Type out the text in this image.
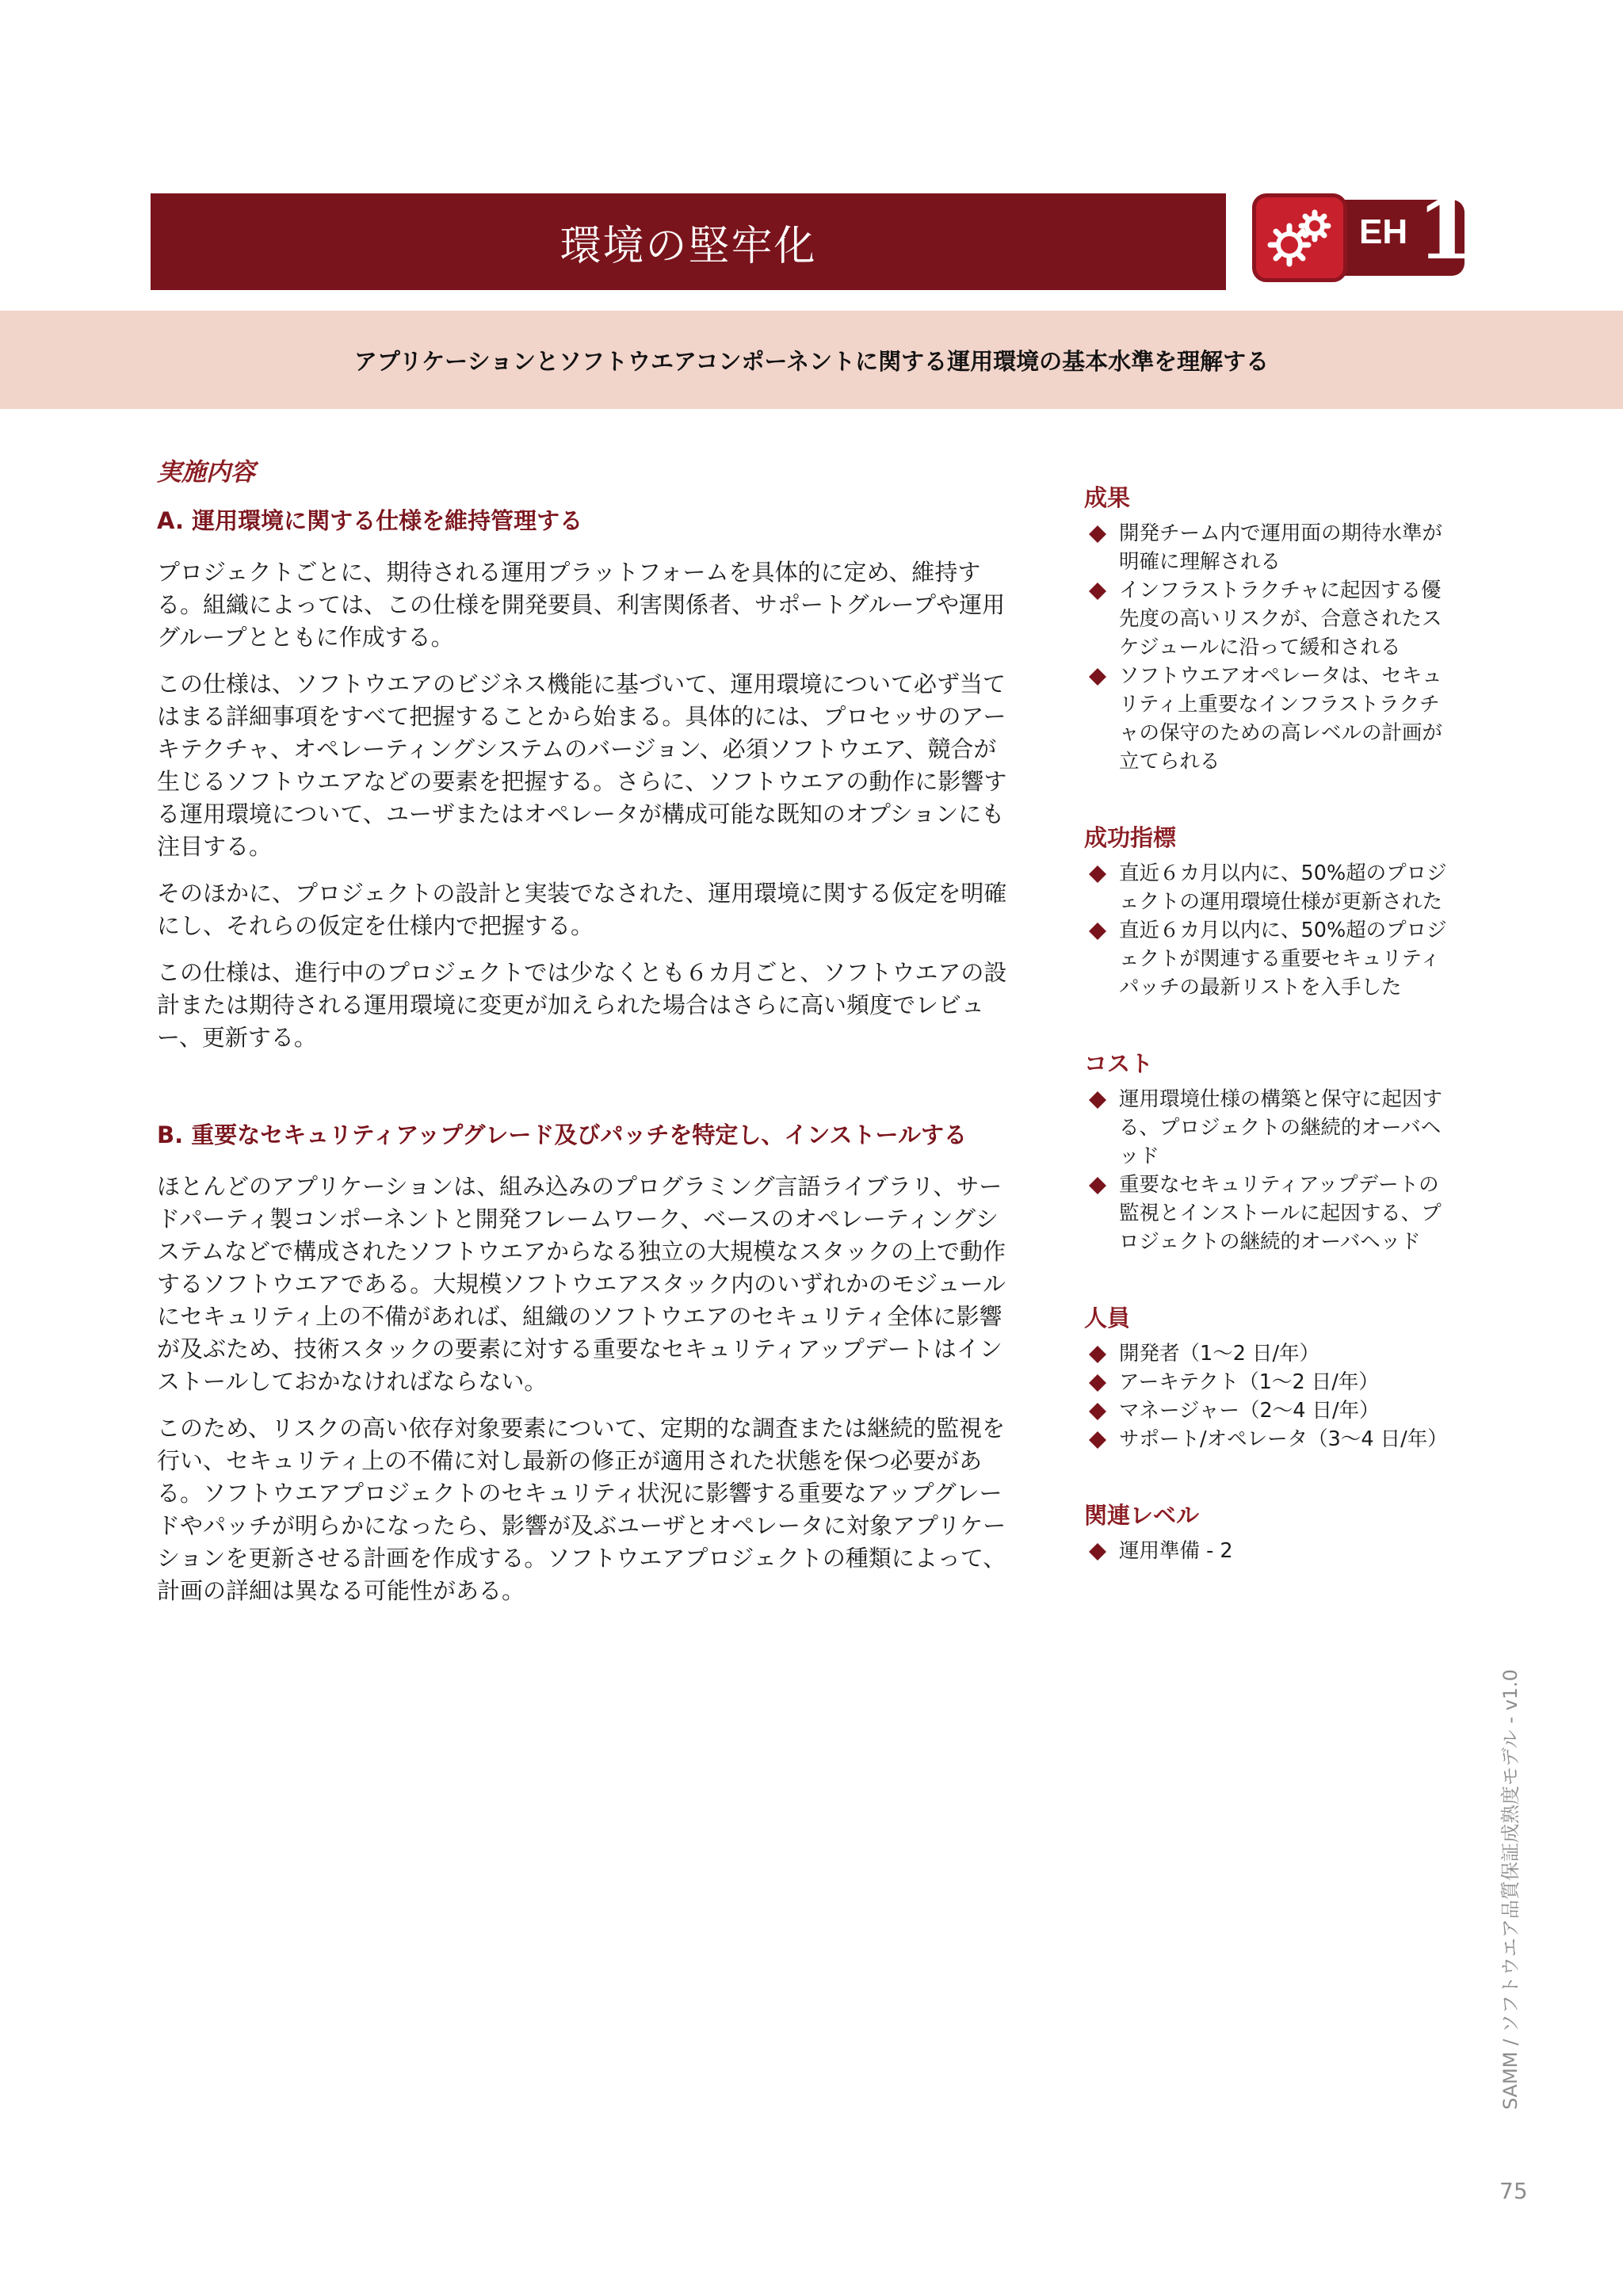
環境の堅牢化	EH 1
アプリケーションとソフトウエアコンポーネントに関する運用環境の基本水準を理解する
実施内容
A. 運用環境に関する仕様を維持管理する

プロジェクトごとに、期待される運用プラットフォームを具体的に定め、維持する。組織によっては、この仕様を開発要員、利害関係者、サポートグループや運用グループとともに作成する。

この仕様は、ソフトウエアのビジネス機能に基づいて、運用環境について必ず当てはまる詳細事項をすべて把握することから始まる。具体的には、プロセッサのアーキテクチャ、オペレーティングシステムのバージョン、必須ソフトウエア、競合が生じるソフトウエアなどの要素を把握する。さらに、ソフトウエアの動作に影響する運用環境について、ユーザまたはオペレータが構成可能な既知のオプションにも注目する。

そのほかに、プロジェクトの設計と実装でなされた、運用環境に関する仮定を明確にし、それらの仮定を仕様内で把握する。

この仕様は、進行中のプロジェクトでは少なくとも６カ月ごと、ソフトウエアの設計または期待される運用環境に変更が加えられた場合はさらに高い頻度でレビュー、更新する。

B. 重要なセキュリティアップグレード及びパッチを特定し、インストールする

ほとんどのアプリケーションは、組み込みのプログラミング言語ライブラリ、サードパーティ製コンポーネントと開発フレームワーク、ベースのオペレーティングシステムなどで構成されたソフトウエアからなる独立の大規模なスタックの上で動作するソフトウエアである。大規模ソフトウエアスタック内のいずれかのモジュールにセキュリティ上の不備があれば、組織のソフトウエアのセキュリティ全体に影響が及ぶため、技術スタックの要素に対する重要なセキュリティアップデートはインストールしておかなければならない。

このため、リスクの高い依存対象要素について、定期的な調査または継続的監視を行い、セキュリティ上の不備に対し最新の修正が適用された状態を保つ必要がある。ソフトウエアプロジェクトのセキュリティ状況に影響する重要なアップグレードやパッチが明らかになったら、影響が及ぶユーザとオペレータに対象アプリケーションを更新させる計画を作成する。ソフトウエアプロジェクトの種類によって、計画の詳細は異なる可能性がある。

成果
開発チーム内で運用面の期待水準が明確に理解される
インフラストラクチャに起因する優先度の高いリスクが、合意されたスケジュールに沿って緩和される
ソフトウエアオペレータは、セキュリティ上重要なインフラストラクチャの保守のための高レベルの計画が立てられる
成功指標
直近６カ月以内に、50%超のプロジェクトの運用環境仕様が更新された
直近６カ月以内に、50%超のプロジェクトが関連する重要セキュリティパッチの最新リストを入手した
コスト
運用環境仕様の構築と保守に起因する、プロジェクトの継続的オーバヘッド
重要なセキュリティアップデートの監視とインストールに起因する、プロジェクトの継続的オーバヘッド
人員
開発者（1〜2 日/年）
アーキテクト（1〜2 日/年）
マネージャー（2〜4 日/年）
サポート/オペレータ（3〜4 日/年）
関連レベル
運用準備 - 2
SAMM / ソフトウエア品質保証成熟度モデル - v1.0
75
